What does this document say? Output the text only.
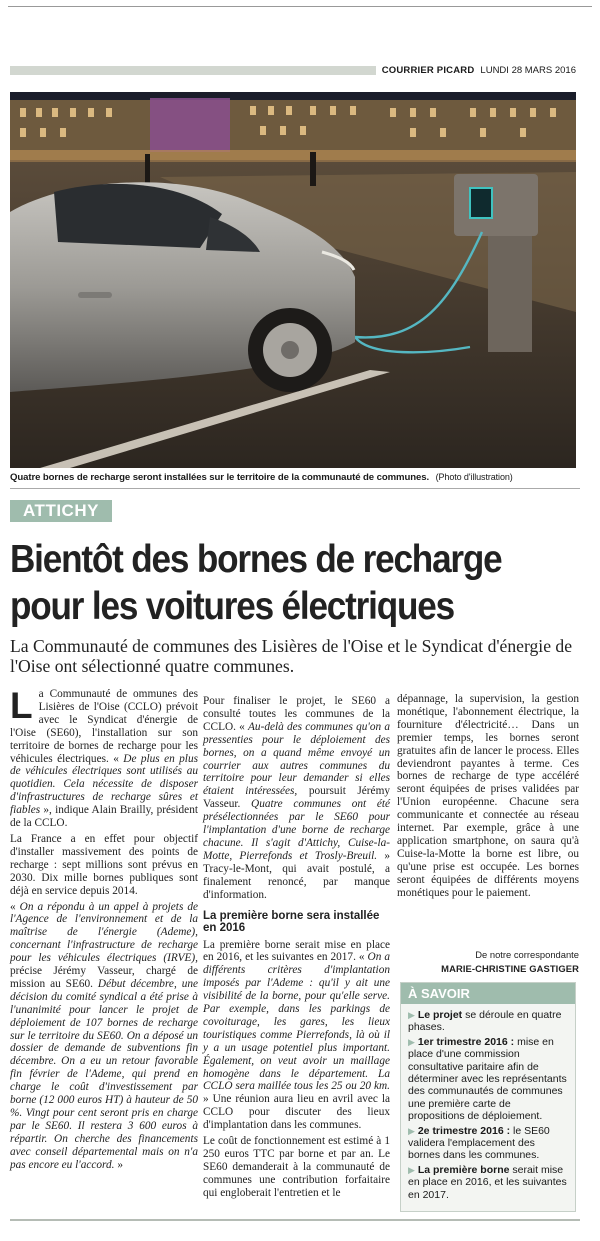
COURRIER PICARD LUNDI 28 MARS 2016
Quatre bornes de recharge seront installées sur le territoire de la communauté de communes. (Photo d'illustration)
ATTICHY
Bientôt des bornes de recharge
pour les voitures électriques
La Communauté de communes des Lisières de l'Oise et le Syndicat d'énergie de l'Oise ont sélectionné quatre communes.

L a Communauté de ommunes des Lisières de l'Oise (CCLO) prévoit avec le Syndicat d'énergie de l'Oise (SE60), l'installation sur son territoire de bornes de recharge pour les véhicules électriques. « De plus en plus de véhicules électriques sont utilisés au quotidien. Cela nécessite de disposer d'infrastructures de recharge sûres et fiables », indique Alain Brailly, président de la CCLO.

La France a en effet pour objectif d'installer massivement des points de recharge : sept millions sont prévus en 2030. Dix mille bornes publiques sont déjà en service depuis 2014.

« On a répondu à un appel à projets de l'Agence de l'environnement et de la maîtrise de l'énergie (Ademe), concernant l'infrastructure de recharge pour les véhicules électriques (IRVE), précise Jérémy Vasseur, chargé de mission au SE60. Début décembre, une décision du comité syndical a été prise à l'unanimité pour lancer le projet de déploiement de 107 bornes de recharge sur le territoire du SE60. On a déposé un dossier de demande de subventions fin décembre. On a eu un retour favorable fin février de l'Ademe, qui prend en charge le coût d'investissement par borne (12 000 euros HT) à hauteur de 50 %. Vingt pour cent seront pris en charge par le SE60. Il restera 3 600 euros à répartir. On cherche des financements avec conseil départemental mais on n'a pas encore eu l'accord. »

Pour finaliser le projet, le SE60 a consulté toutes les communes de la CCLO. « Au-delà des communes qu'on a pressenties pour le déploiement des bornes, on a quand même envoyé un courrier aux autres communes du territoire pour leur demander si elles étaient intéressées, poursuit Jérémy Vasseur. Quatre communes ont été présélectionnées par le SE60 pour l'implantation d'une borne de recharge chacune. Il s'agit d'Attichy, Cuise-la-Motte, Pierrefonds et Trosly-Breuil. » Tracy-le-Mont, qui avait postulé, a finalement renoncé, par manque d'information.

La première borne sera installée en 2016

La première borne serait mise en place en 2016, et les suivantes en 2017. « On a différents critères d'implantation imposés par l'Ademe : qu'il y ait une visibilité de la borne, pour qu'elle serve. Par exemple, dans les parkings de covoiturage, les gares, les lieux touristiques comme Pierrefonds, là où il y a un usage potentiel plus important. Également, on veut avoir un maillage homogène dans le département. La CCLO sera maillée tous les 25 ou 20 km. » Une réunion aura lieu en avril avec la CCLO pour discuter des lieux d'implantation dans les communes.

Le coût de fonctionnement est estimé à 1 250 euros TTC par borne et par an. Le SE60 demanderait à la communauté de communes une contribution forfaitaire qui engloberait l'entretien et le

dépannage, la supervision, la gestion monétique, l'abonnement électrique, la fourniture d'électricité… Dans un premier temps, les bornes seront gratuites afin de lancer le process. Elles deviendront payantes à terme. Ces bornes de recharge de type accéléré seront équipées de prises validées par l'Union européenne. Chacune sera communicante et connectée au réseau internet. Par exemple, grâce à une application smartphone, on saura qu'à Cuise-la-Motte la borne est libre, ou qu'une prise est occupée. Les bornes seront équipées de différents moyens monétiques pour le paiement.

De notre correspondante
MARIE-CHRISTINE GASTIGER
À SAVOIR
▶ Le projet se déroule en quatre phases.
▶ 1er trimestre 2016 : mise en place d'une commission consultative paritaire afin de déterminer avec les représentants des communautés de communes une première carte de propositions de déploiement.
▶ 2e trimestre 2016 : le SE60 validera l'emplacement des bornes dans les communes.
▶ La première borne serait mise en place en 2016, et les suivantes en 2017.
